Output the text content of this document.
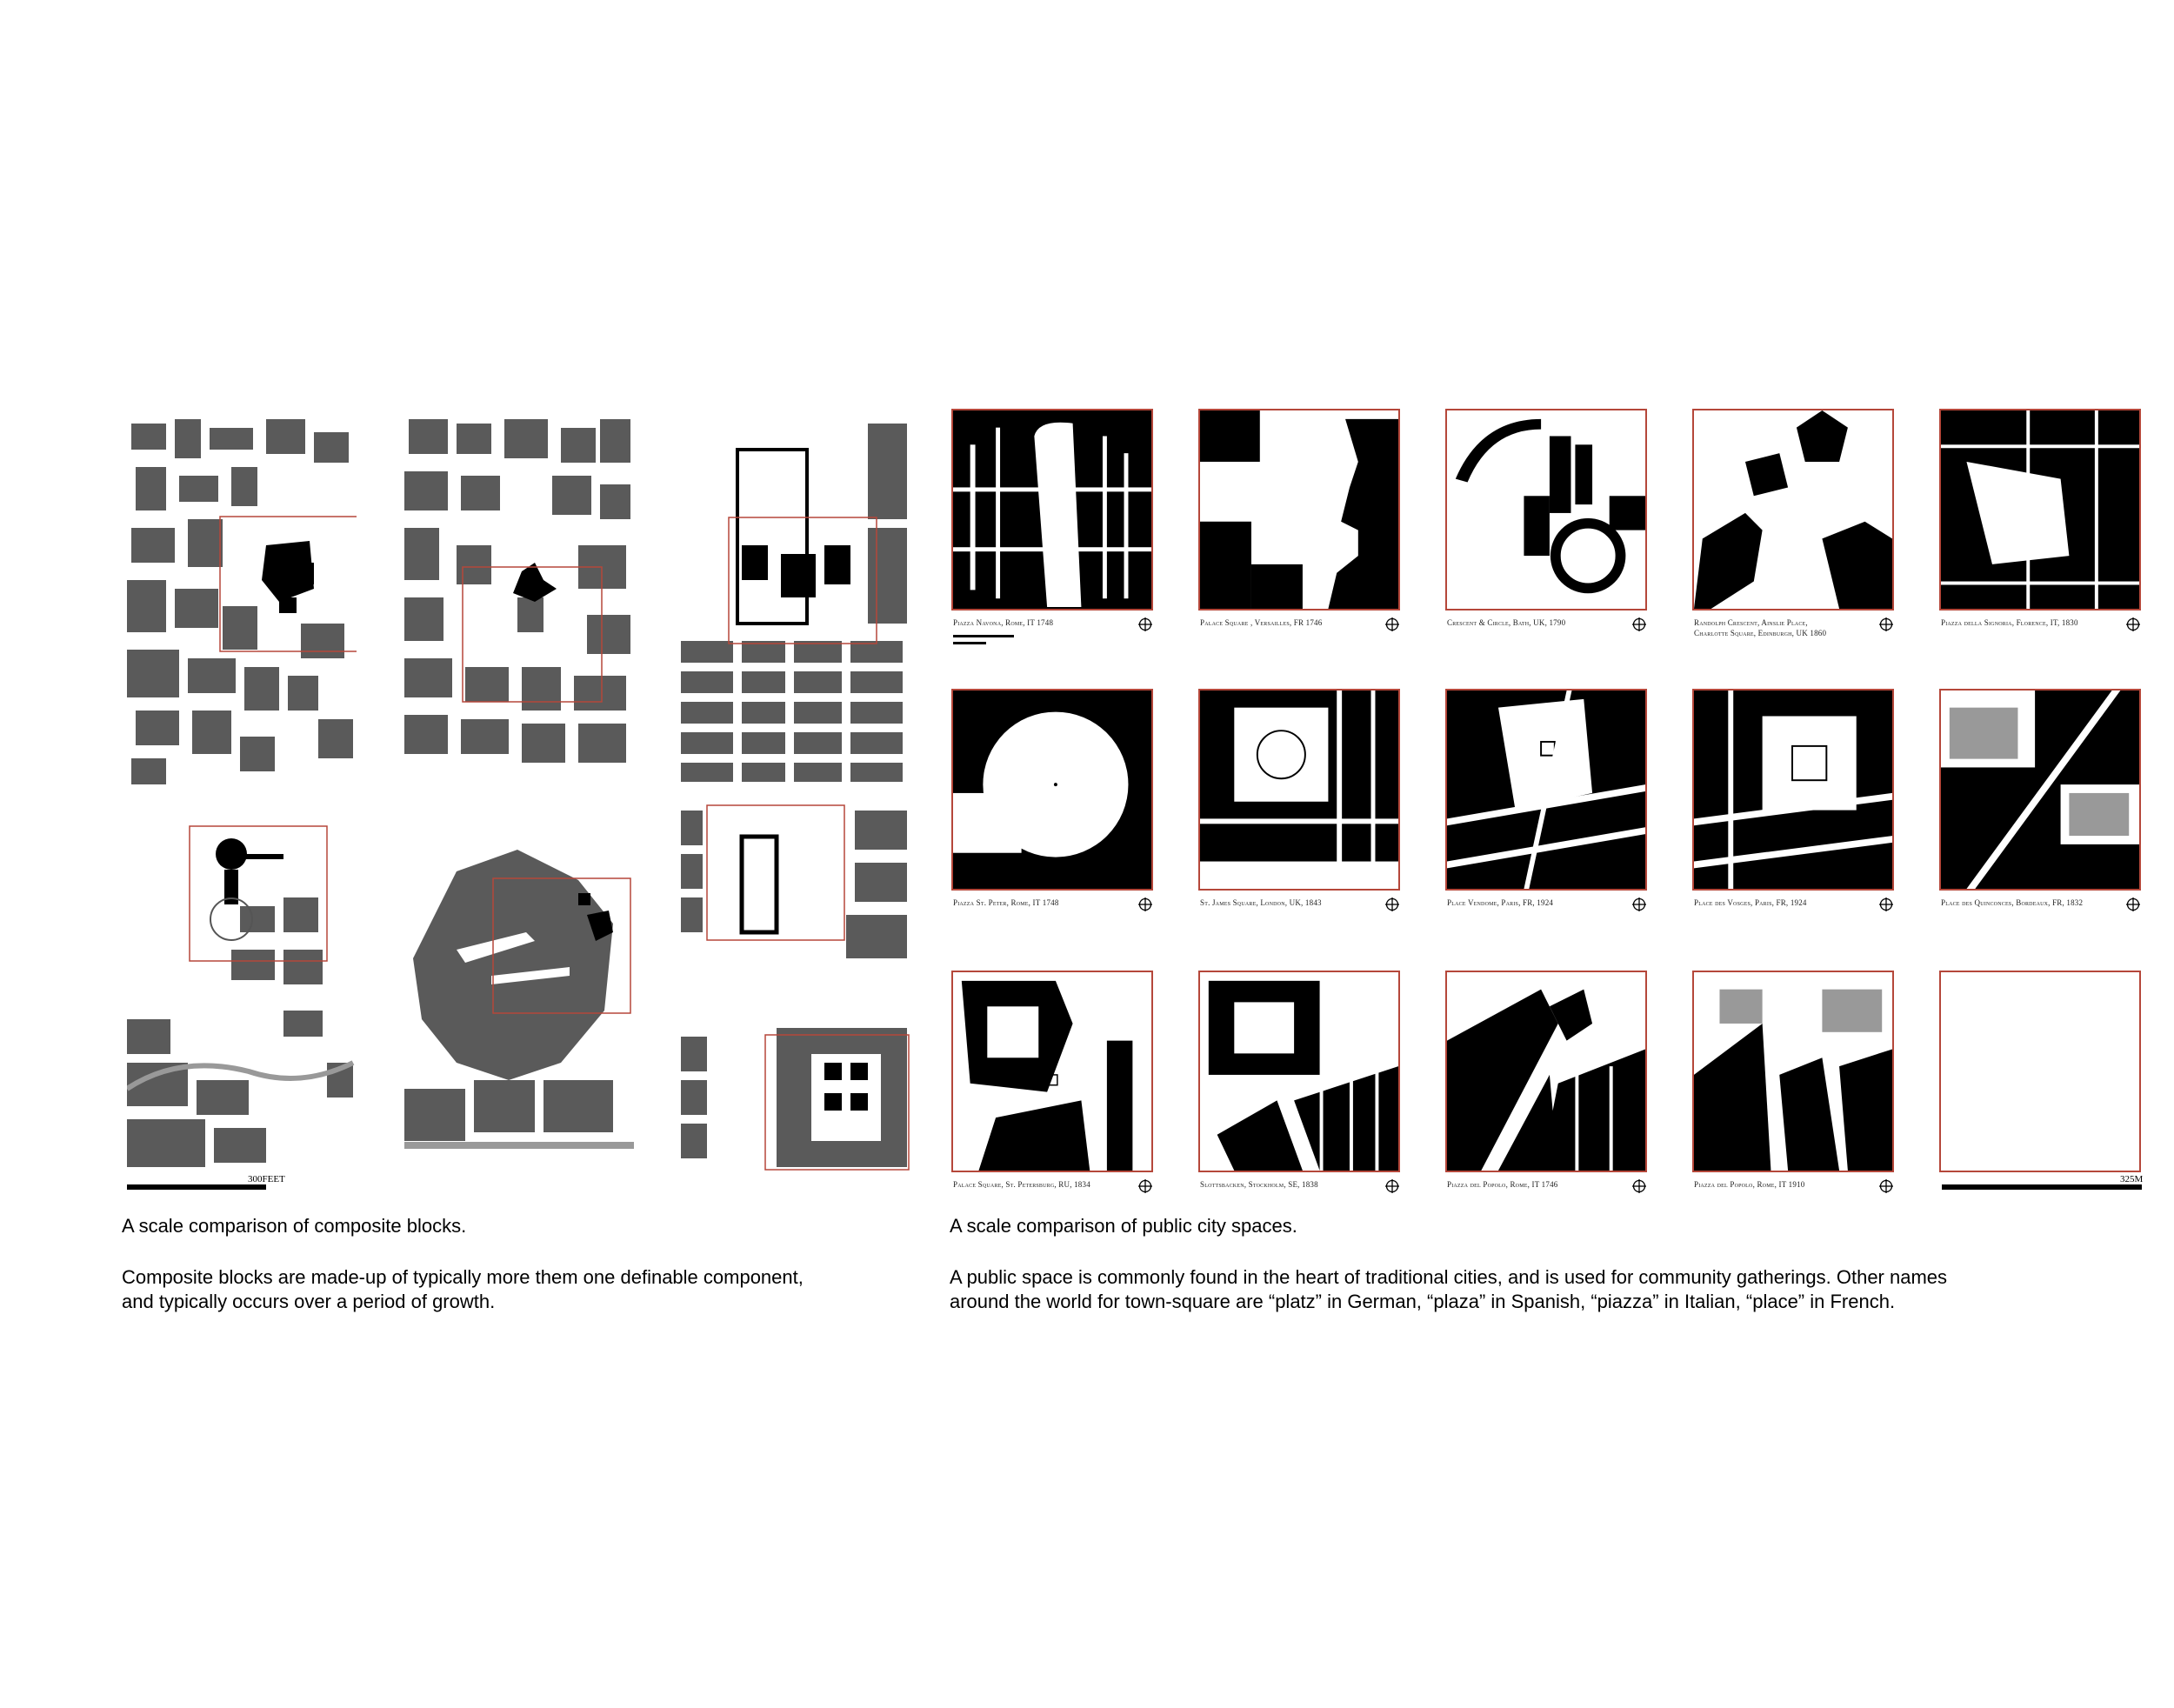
300FEET
A scale comparison of composite blocks.
Composite blocks are made-up of typically more them one definable component,
and typically occurs over a period of growth.
Piazza Navona, Rome, IT 1748	Palace Square , Versailles, FR 1746	Crescent & Circle, Bath, UK, 1790	Randolph Crescent, Ainslie Place,
Charlotte Square, Edinburgh, UK 1860
Piazza della Signoria, Florence, IT, 1830
Piazza St. Peter, Rome, IT 1748	St. James Square, London, UK, 1843	Place Vendome, Paris, FR, 1924	Place des Vosges, Paris, FR, 1924	Place des Quinconces, Bordeaux, FR, 1832
Palace Square, St. Petersburg, RU, 1834	Slottsbacken, Stockholm, SE, 1838	Piazza del Popolo, Rome, IT 1746	Piazza del Popolo, Rome, IT 1910	325M
A scale comparison of public city spaces.
A public space is commonly found in the heart of traditional cities, and is used for community gatherings. Other names
around the world for town-square are “platz” in German, “plaza” in Spanish, “piazza” in Italian, “place” in French.
